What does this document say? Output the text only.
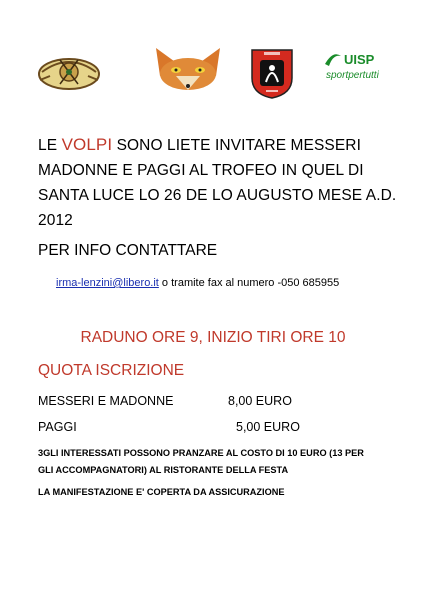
UISP
sportpertutti
LE VOLPI SONO LIETE INVITARE MESSERI MADONNE E PAGGI AL TROFEO IN QUEL DI SANTA LUCE LO 26 DE LO AUGUSTO MESE A.D. 2012
PER INFO CONTATTARE
irma-lenzini@libero.it o tramite fax al numero -050 685955
RADUNO ORE 9, INIZIO TIRI ORE 10
QUOTA ISCRIZIONE
MESSERI E MADONNE	8,00 EURO
PAGGI	5,00 EURO
3GLI INTERESSATI POSSONO PRANZARE AL COSTO DI 10 EURO (13 PER GLI ACCOMPAGNATORI) AL RISTORANTE DELLA FESTA
LA MANIFESTAZIONE E' COPERTA DA ASSICURAZIONE
